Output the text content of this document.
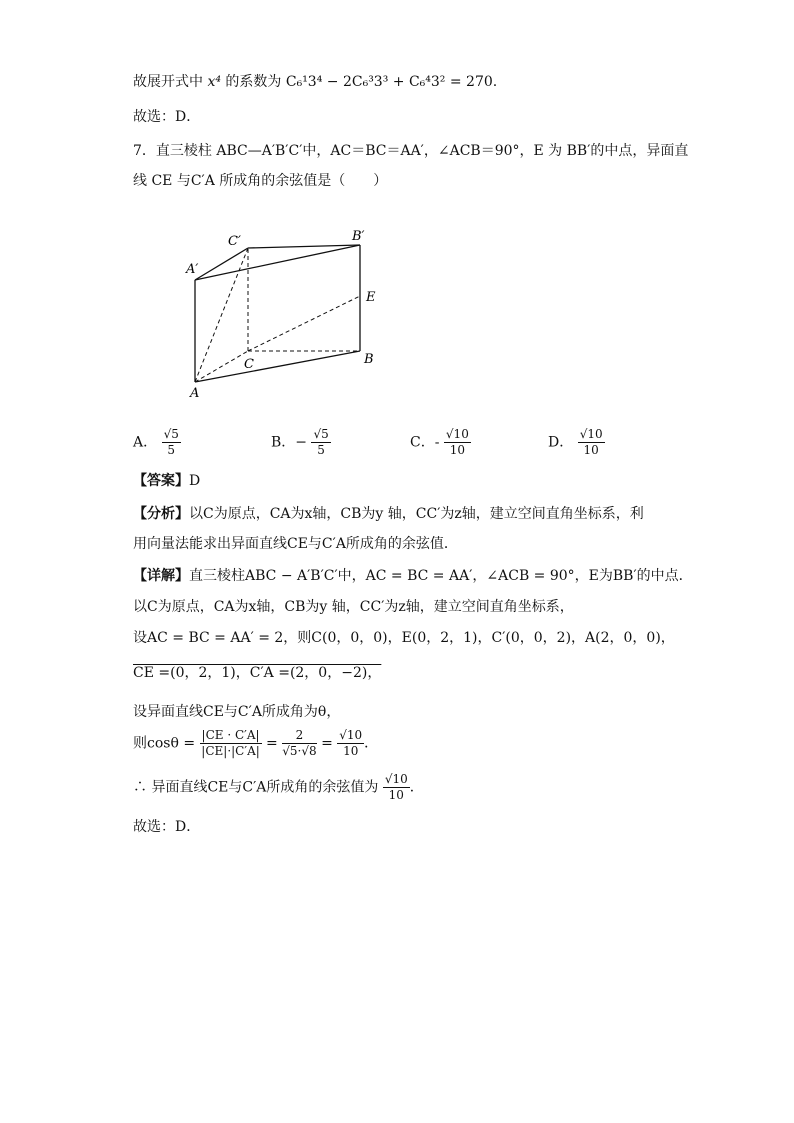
故展开式中 x⁴ 的系数为 C₆¹3⁴ − 2C₆³3³ + C₆⁴3² = 270.
故选：D．
7．直三棱柱 ABC—A′B′C′中，AC＝BC＝AA′，∠ACB＝90°，E 为 BB′的中点，异面直
线 CE 与C′A 所成角的余弦值是（　　）
A′
C′	B′
E
C	B
A
A． $\frac{√5}{5}$	B．− $\frac{√5}{5}$	C．- $\frac{√10}{10}$	D． $\frac{√10}{10}$
【答案】D
【分析】以C为原点，CA为x轴，CB为y 轴，CC′为z轴，建立空间直角坐标系，利
用向量法能求出异面直线CE与C′A所成角的余弦值．
【详解】直三棱柱ABC − A′B′C′中，AC = BC = AA′，∠ACB = 90°，E为BB′的中点．
以C为原点，CA为x轴，CB为y 轴，CC′为z轴，建立空间直角坐标系，
设AC = BC = AA′ = 2，则C(0，0，0)，E(0，2，1)，C′(0，0，2)，A(2，0，0)，
CE =(0，2，1)，C′A =(2，0，−2)，
设异面直线CE与C′A所成角为θ，
则$\cos\theta = \frac{|CE \cdot C'A|}{|CE|\cdot|C'A|} = \frac{2}{√5\cdot√8} = \frac{√10}{10}$ ．
∴ 异面直线CE与C′A所成角的余弦值为 $\frac{√10}{10}$ ．
故选：D．
